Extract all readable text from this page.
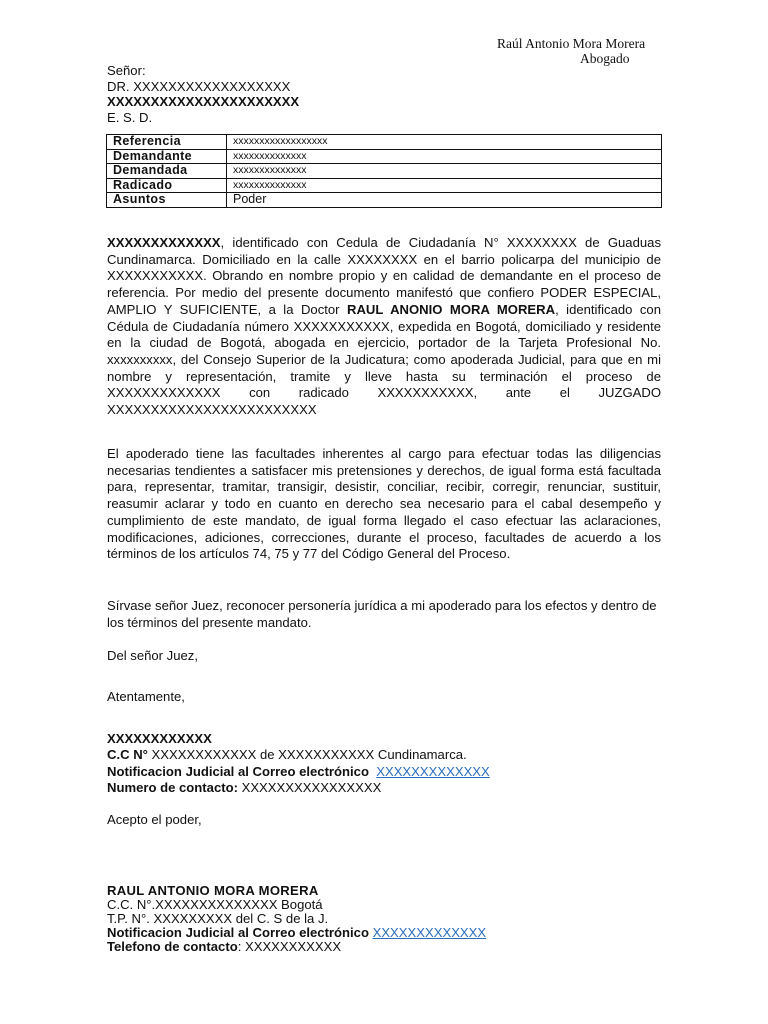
Raúl Antonio Mora Morera
Abogado
Señor:
DR. XXXXXXXXXXXXXXXXXX
XXXXXXXXXXXXXXXXXXXXXX
E. S. D.
Referencia	xxxxxxxxxxxxxxxxxx
Demandante	xxxxxxxxxxxxxx
Demandada	xxxxxxxxxxxxxx
Radicado	xxxxxxxxxxxxxx
Asuntos	Poder

XXXXXXXXXXXXX, identificado con Cedula de Ciudadanía N° XXXXXXXX de Guaduas Cundinamarca. Domiciliado en la calle XXXXXXXX en el barrio policarpa del municipio de XXXXXXXXXXX. Obrando en nombre propio y en calidad de demandante en el proceso de referencia. Por medio del presente documento manifestó que confiero PODER ESPECIAL, AMPLIO Y SUFICIENTE, a la Doctor RAUL ANONIO MORA MORERA, identificado con Cédula de Ciudadanía número XXXXXXXXXXX, expedida en Bogotá, domiciliado y residente en la ciudad de Bogotá, abogada en ejercicio, portador de la Tarjeta Profesional No. xxxxxxxxxx, del Consejo Superior de la Judicatura; como apoderada Judicial, para que en mi nombre y representación, tramite y lleve hasta su terminación el proceso de XXXXXXXXXXXXX con radicado XXXXXXXXXXX, ante el JUZGADO XXXXXXXXXXXXXXXXXXXXXXXX

El apoderado tiene las facultades inherentes al cargo para efectuar todas las diligencias necesarias tendientes a satisfacer mis pretensiones y derechos, de igual forma está facultada para, representar, tramitar, transigir, desistir, conciliar, recibir, corregir, renunciar, sustituir, reasumir aclarar y todo en cuanto en derecho sea necesario para el cabal desempeño y cumplimiento de este mandato, de igual forma llegado el caso efectuar las aclaraciones, modificaciones, adiciones, correcciones, durante el proceso, facultades de acuerdo a los términos de los artículos 74, 75 y 77 del Código General del Proceso.

Sírvase señor Juez, reconocer personería jurídica a mi apoderado para los efectos y dentro de los términos del presente mandato.

Del señor Juez,
Atentamente,
XXXXXXXXXXXX
C.C N° XXXXXXXXXXXX de XXXXXXXXXXX Cundinamarca.
Notificacion Judicial al Correo electrónico XXXXXXXXXXXXX
Numero de contacto: XXXXXXXXXXXXXXXX
Acepto el poder,
RAUL ANTONIO MORA MORERA
C.C. N°.XXXXXXXXXXXXXX Bogotá
T.P. N°. XXXXXXXXX del C. S de la J.
Notificacion Judicial al Correo electrónico XXXXXXXXXXXXX
Telefono de contacto: XXXXXXXXXXX
